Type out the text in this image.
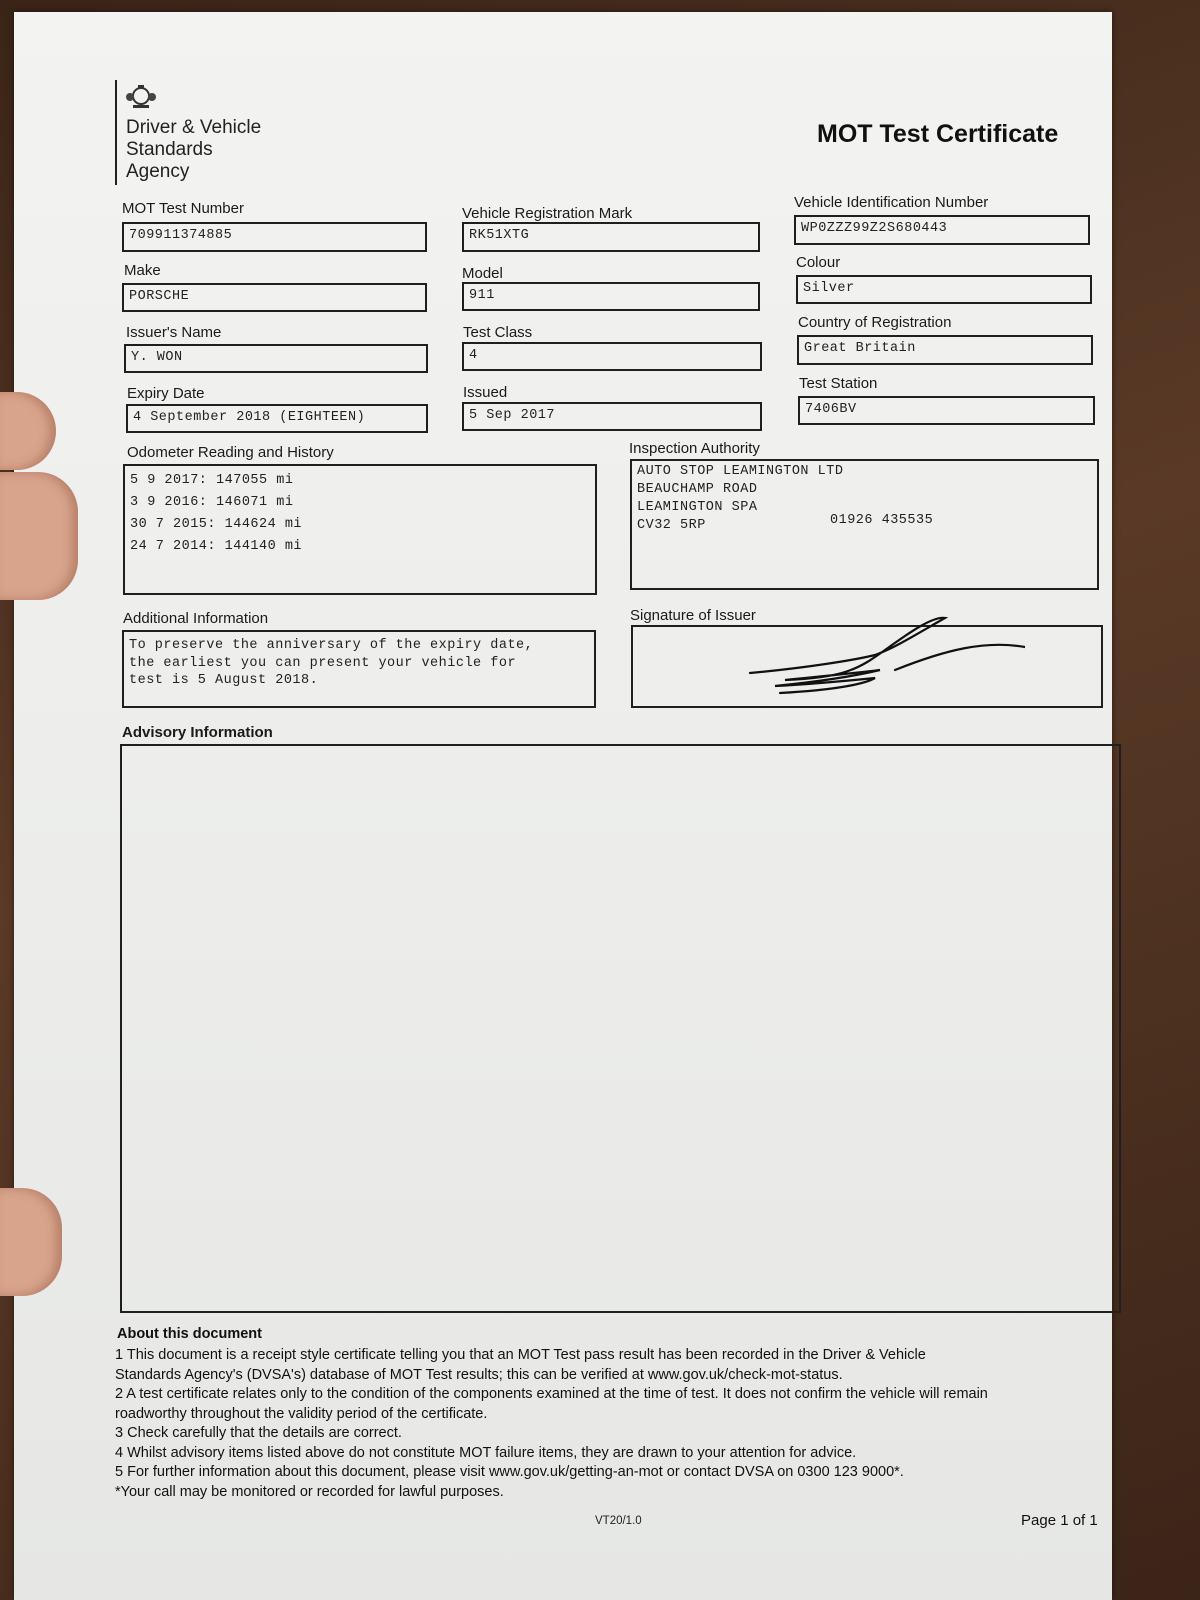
Driver & Vehicle
Standards
Agency
MOT Test Certificate
MOT Test Number
709911374885
Vehicle Registration Mark
RK51XTG
Vehicle Identification Number
WP0ZZZ99Z2S680443
Make
PORSCHE
Model
911
Colour
Silver
Issuer's Name
Y. WON
Test Class
4
Country of Registration
Great Britain
Expiry Date
4 September 2018 (EIGHTEEN)
Issued
5 Sep 2017
Test Station
7406BV
Odometer Reading and History
5 9 2017: 147055 mi
3 9 2016: 146071 mi
30 7 2015: 144624 mi
24 7 2014: 144140 mi
Inspection Authority
AUTO STOP LEAMINGTON LTD
BEAUCHAMP ROAD
LEAMINGTON SPA
CV32 5RP	01926 435535
Additional Information
To preserve the anniversary of the expiry date,
the earliest you can present your vehicle for
test is 5 August 2018.
Signature of Issuer
Advisory Information
About this document
1 This document is a receipt style certificate telling you that an MOT Test pass result has been recorded in the Driver & Vehicle
Standards Agency's (DVSA's) database of MOT Test results; this can be verified at www.gov.uk/check-mot-status.
2 A test certificate relates only to the condition of the components examined at the time of test. It does not confirm the vehicle will remain
roadworthy throughout the validity period of the certificate.
3 Check carefully that the details are correct.
4 Whilst advisory items listed above do not constitute MOT failure items, they are drawn to your attention for advice.
5 For further information about this document, please visit www.gov.uk/getting-an-mot or contact DVSA on 0300 123 9000*.
*Your call may be monitored or recorded for lawful purposes.
VT20/1.0	Page 1 of 1
